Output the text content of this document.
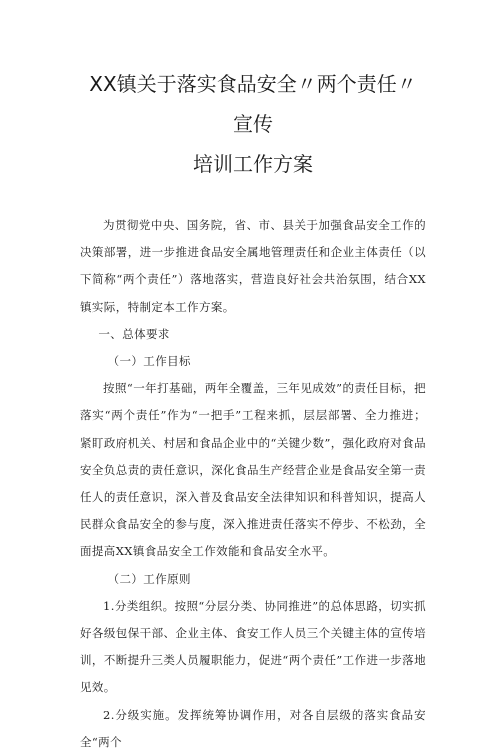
XX镇关于落实食品安全〃两个责任〃宣传
培训工作方案

为贯彻党中央、国务院，省、市、县关于加强食品安全工作的决策部署，进一步推进食品安全属地管理责任和企业主体责任（以下简称“两个责任”）落地落实，营造良好社会共治氛围，结合XX镇实际，特制定本工作方案。

一、总体要求

（一）工作目标

按照“一年打基础，两年全覆盖，三年见成效”的责任目标，把落实“两个责任”作为“一把手”工程来抓，层层部署、全力推进；紧盯政府机关、村居和食品企业中的“关键少数”，强化政府对食品安全负总责的责任意识，深化食品生产经营企业是食品安全第一责任人的责任意识，深入普及食品安全法律知识和科普知识，提高人民群众食品安全的参与度，深入推进责任落实不停步、不松劲，全面提高XX镇食品安全工作效能和食品安全水平。

（二）工作原则

1.分类组织。按照“分层分类、协同推进”的总体思路，切实抓好各级包保干部、企业主体、食安工作人员三个关键主体的宣传培训，不断提升三类人员履职能力，促进“两个责任”工作进一步落地见效。

2.分级实施。发挥统筹协调作用，对各自层级的落实食品安全“两个
